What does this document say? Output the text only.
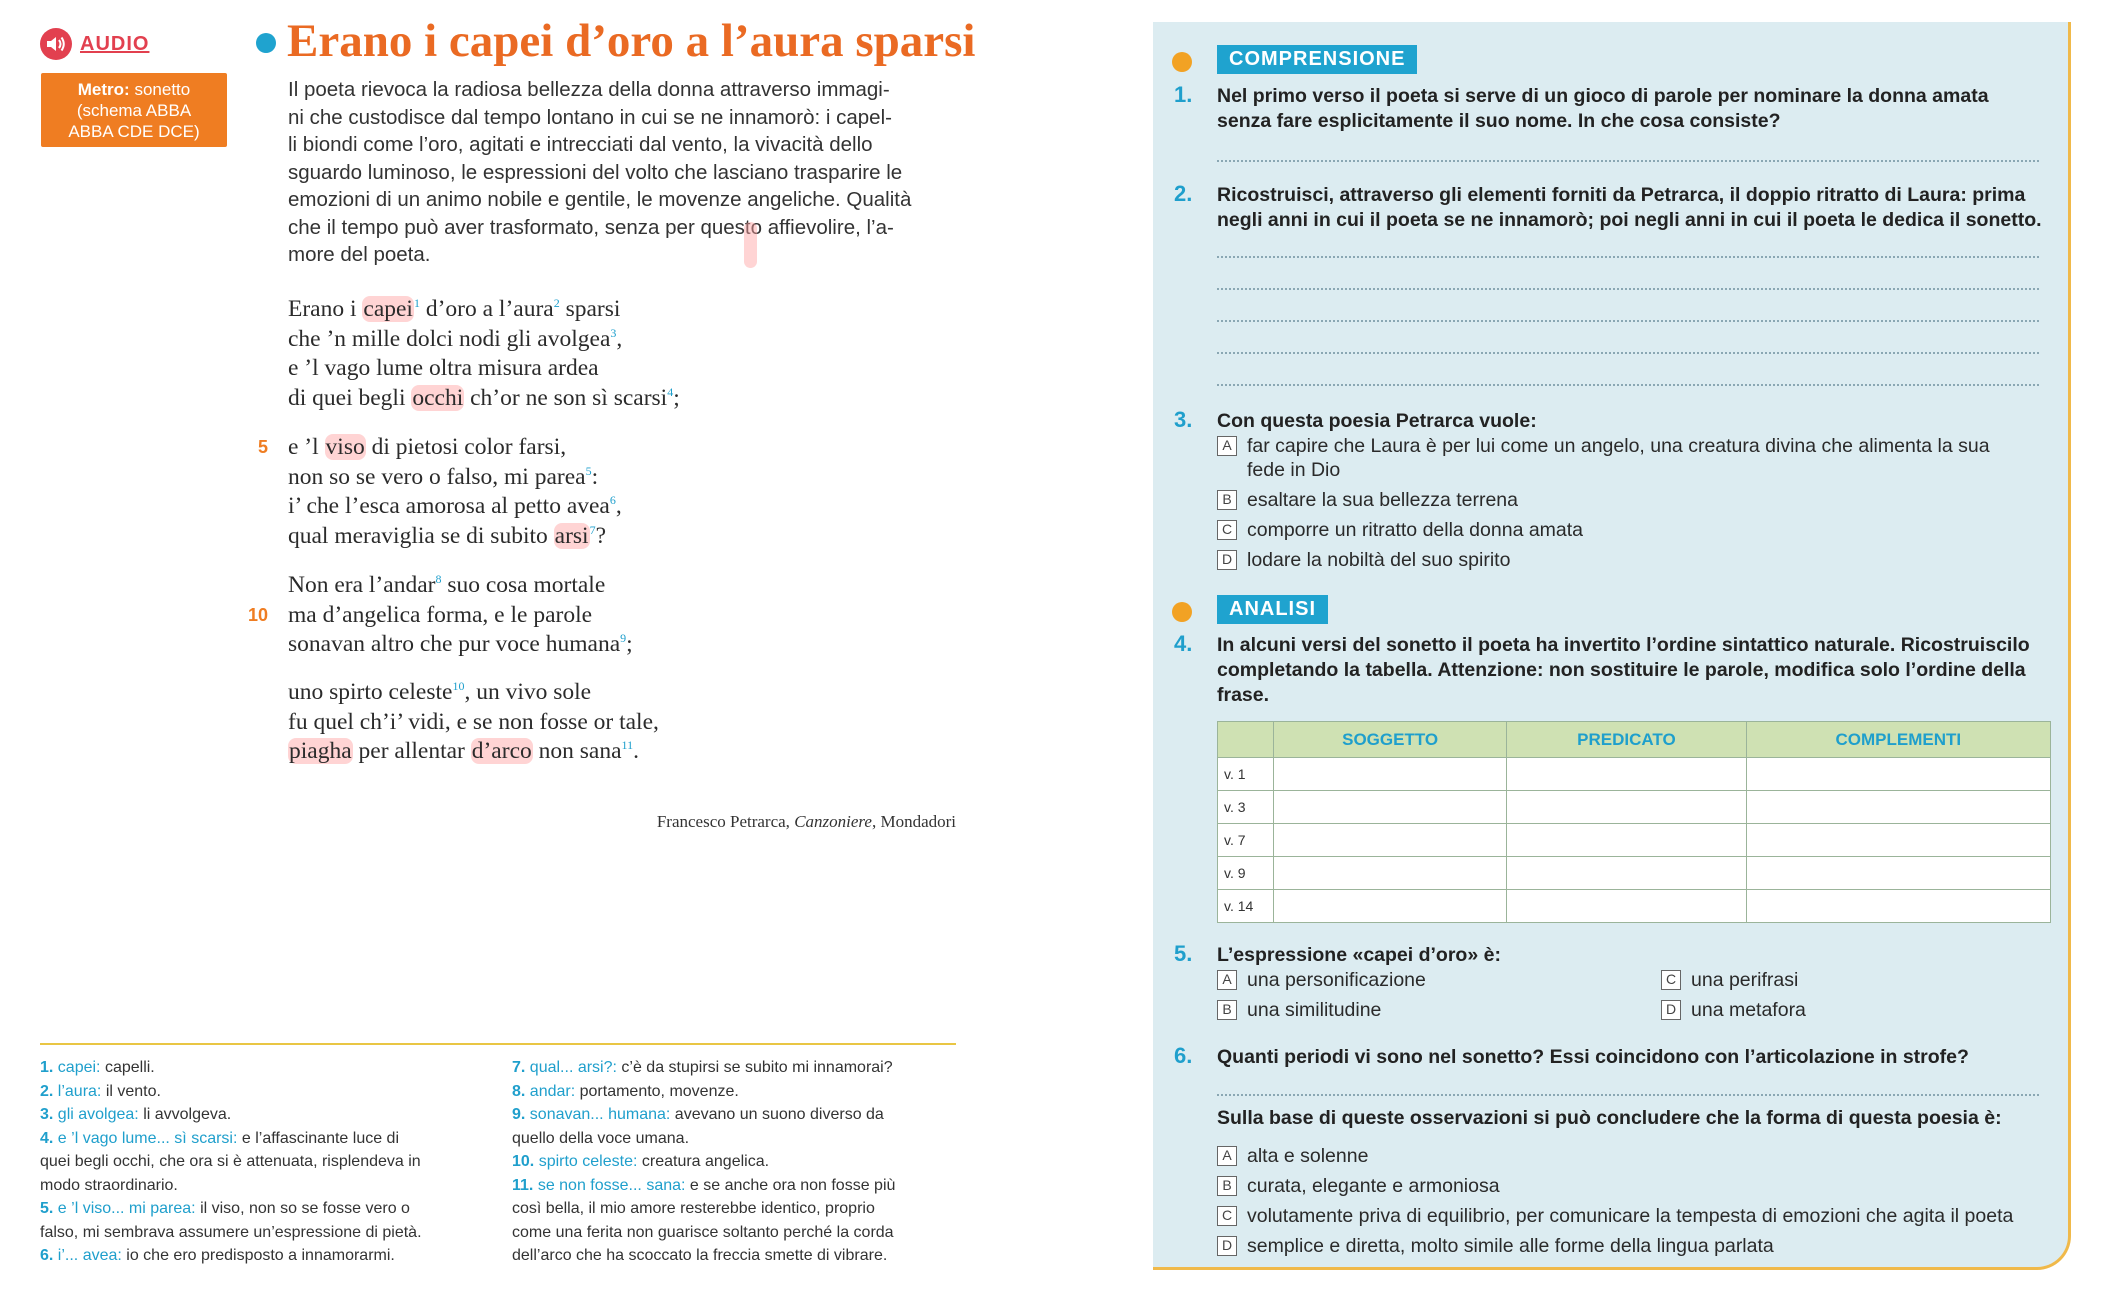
AUDIO
Metro: sonetto
(schema ABBA
ABBA CDE DCE)
Erano i capei d’oro a l’aura sparsi
Il poeta rievoca la radiosa bellezza della donna attraverso immagi-
ni che custodisce dal tempo lontano in cui se ne innamorò: i capel-
li biondi come l’oro, agitati e intrecciati dal vento, la vivacità dello
sguardo luminoso, le espressioni del volto che lasciano trasparire le
emozioni di un animo nobile e gentile, le movenze angeliche. Qualità
che il tempo può aver trasformato, senza per questo affievolire, l’a-
more del poeta.
Erano i capei$^1$ d’oro a l’aura$^2$ sparsi
che ’n mille dolci nodi gli avolgea$^3$,
e ’l vago lume oltra misura ardea
di quei begli occhi ch’or ne son sì scarsi$^4$;
5 e ’l viso di pietosi color farsi,
non so se vero o falso, mi parea$^5$:
i’ che l’esca amorosa al petto avea$^6$,
qual meraviglia se di subito arsi$^7$?
10
Non era l’andar$^8$ suo cosa mortale
ma d’angelica forma, e le parole
sonavan altro che pur voce humana$^9$;
uno spirto celeste$^{10}$, un vivo sole
fu quel ch’i’ vidi, e se non fosse or tale,
piagha per allentar d’arco non sana$^{11}$.
Francesco Petrarca, Canzoniere, Mondadori
1. capei: capelli.
2. l’aura: il vento.
3. gli avolgea: li avvolgeva.
4. e ’l vago lume... sì scarsi: e l’affascinante luce di
quei begli occhi, che ora si è attenuata, risplendeva in
modo straordinario.
5. e ’l viso... mi parea: il viso, non so se fosse vero o
falso, mi sembrava assumere un’espressione di pietà.
6. i’... avea: io che ero predisposto a innamorarmi.
7. qual... arsi?: c’è da stupirsi se subito mi innamorai?
8. andar: portamento, movenze.
9. sonavan... humana: avevano un suono diverso da
quello della voce umana.
10. spirto celeste: creatura angelica.
11. se non fosse... sana: e se anche ora non fosse più
così bella, il mio amore resterebbe identico, proprio
come una ferita non guarisce soltanto perché la corda
dell’arco che ha scoccato la freccia smette di vibrare.
COMPRENSIONE
1. Nel primo verso il poeta si serve di un gioco di parole per nominare la donna amata
senza fare esplicitamente il suo nome. In che cosa consiste?
2. Ricostruisci, attraverso gli elementi forniti da Petrarca, il doppio ritratto di Laura: prima
negli anni in cui il poeta se ne innamorò; poi negli anni in cui il poeta le dedica il sonetto.
3. Con questa poesia Petrarca vuole:
A far capire che Laura è per lui come un angelo, una creatura divina che alimenta la sua
fede in Dio
B esaltare la sua bellezza terrena
C comporre un ritratto della donna amata
D lodare la nobiltà del suo spirito
ANALISI
4. In alcuni versi del sonetto il poeta ha invertito l’ordine sintattico naturale. Ricostruiscilo
completando la tabella. Attenzione: non sostituire le parole, modifica solo l’ordine della
frase.
	SOGGETTO	PREDICATO	COMPLEMENTI
v. 1			
v. 3			
v. 7			
v. 9			
v. 14			
5. L’espressione «capei d’oro» è:
A una personificazione
B una similitudine
C una perifrasi
D una metafora
6. Quanti periodi vi sono nel sonetto? Essi coincidono con l’articolazione in strofe?
Sulla base di queste osservazioni si può concludere che la forma di questa poesia è:
A alta e solenne
B curata, elegante e armoniosa
C volutamente priva di equilibrio, per comunicare la tempesta di emozioni che agita il poeta
D semplice e diretta, molto simile alle forme della lingua parlata
